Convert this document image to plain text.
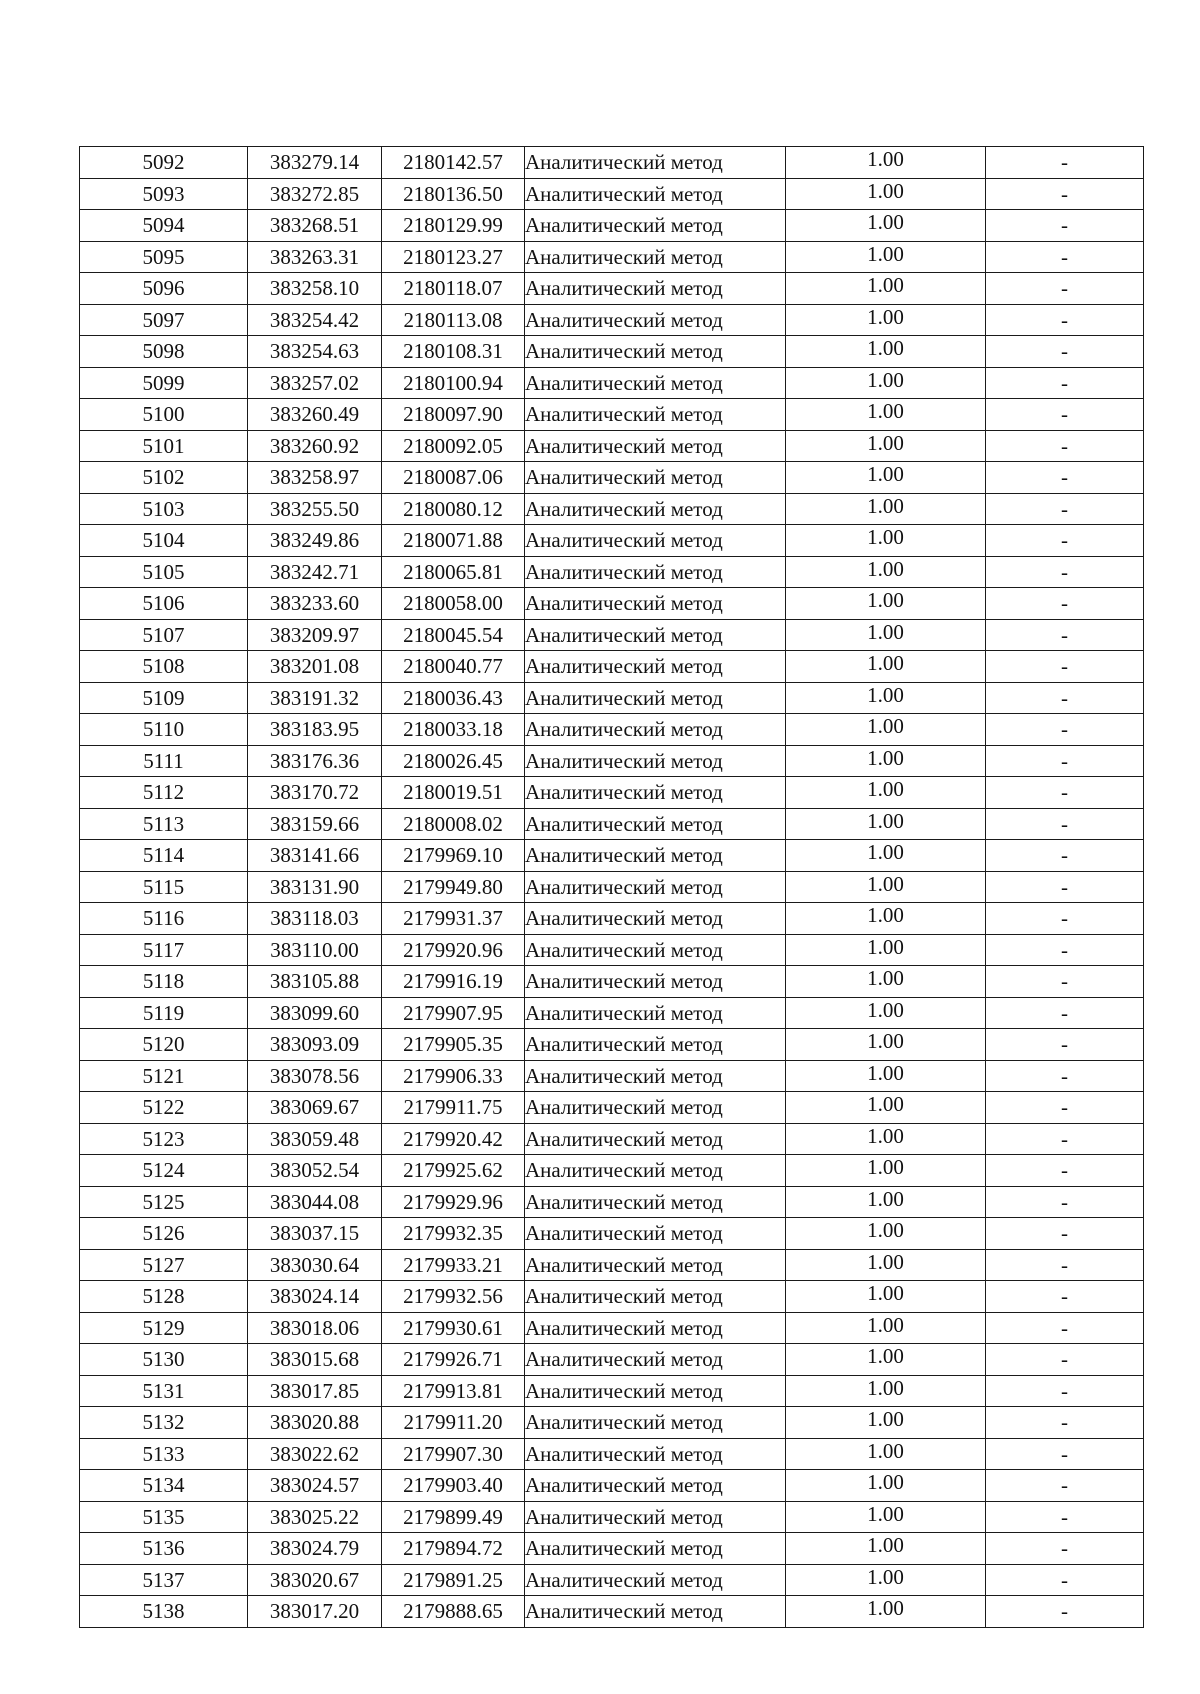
5092	383279.14	2180142.57	Аналитический метод	1.00	-
5093	383272.85	2180136.50	Аналитический метод	1.00	-
5094	383268.51	2180129.99	Аналитический метод	1.00	-
5095	383263.31	2180123.27	Аналитический метод	1.00	-
5096	383258.10	2180118.07	Аналитический метод	1.00	-
5097	383254.42	2180113.08	Аналитический метод	1.00	-
5098	383254.63	2180108.31	Аналитический метод	1.00	-
5099	383257.02	2180100.94	Аналитический метод	1.00	-
5100	383260.49	2180097.90	Аналитический метод	1.00	-
5101	383260.92	2180092.05	Аналитический метод	1.00	-
5102	383258.97	2180087.06	Аналитический метод	1.00	-
5103	383255.50	2180080.12	Аналитический метод	1.00	-
5104	383249.86	2180071.88	Аналитический метод	1.00	-
5105	383242.71	2180065.81	Аналитический метод	1.00	-
5106	383233.60	2180058.00	Аналитический метод	1.00	-
5107	383209.97	2180045.54	Аналитический метод	1.00	-
5108	383201.08	2180040.77	Аналитический метод	1.00	-
5109	383191.32	2180036.43	Аналитический метод	1.00	-
5110	383183.95	2180033.18	Аналитический метод	1.00	-
5111	383176.36	2180026.45	Аналитический метод	1.00	-
5112	383170.72	2180019.51	Аналитический метод	1.00	-
5113	383159.66	2180008.02	Аналитический метод	1.00	-
5114	383141.66	2179969.10	Аналитический метод	1.00	-
5115	383131.90	2179949.80	Аналитический метод	1.00	-
5116	383118.03	2179931.37	Аналитический метод	1.00	-
5117	383110.00	2179920.96	Аналитический метод	1.00	-
5118	383105.88	2179916.19	Аналитический метод	1.00	-
5119	383099.60	2179907.95	Аналитический метод	1.00	-
5120	383093.09	2179905.35	Аналитический метод	1.00	-
5121	383078.56	2179906.33	Аналитический метод	1.00	-
5122	383069.67	2179911.75	Аналитический метод	1.00	-
5123	383059.48	2179920.42	Аналитический метод	1.00	-
5124	383052.54	2179925.62	Аналитический метод	1.00	-
5125	383044.08	2179929.96	Аналитический метод	1.00	-
5126	383037.15	2179932.35	Аналитический метод	1.00	-
5127	383030.64	2179933.21	Аналитический метод	1.00	-
5128	383024.14	2179932.56	Аналитический метод	1.00	-
5129	383018.06	2179930.61	Аналитический метод	1.00	-
5130	383015.68	2179926.71	Аналитический метод	1.00	-
5131	383017.85	2179913.81	Аналитический метод	1.00	-
5132	383020.88	2179911.20	Аналитический метод	1.00	-
5133	383022.62	2179907.30	Аналитический метод	1.00	-
5134	383024.57	2179903.40	Аналитический метод	1.00	-
5135	383025.22	2179899.49	Аналитический метод	1.00	-
5136	383024.79	2179894.72	Аналитический метод	1.00	-
5137	383020.67	2179891.25	Аналитический метод	1.00	-
5138	383017.20	2179888.65	Аналитический метод	1.00	-
